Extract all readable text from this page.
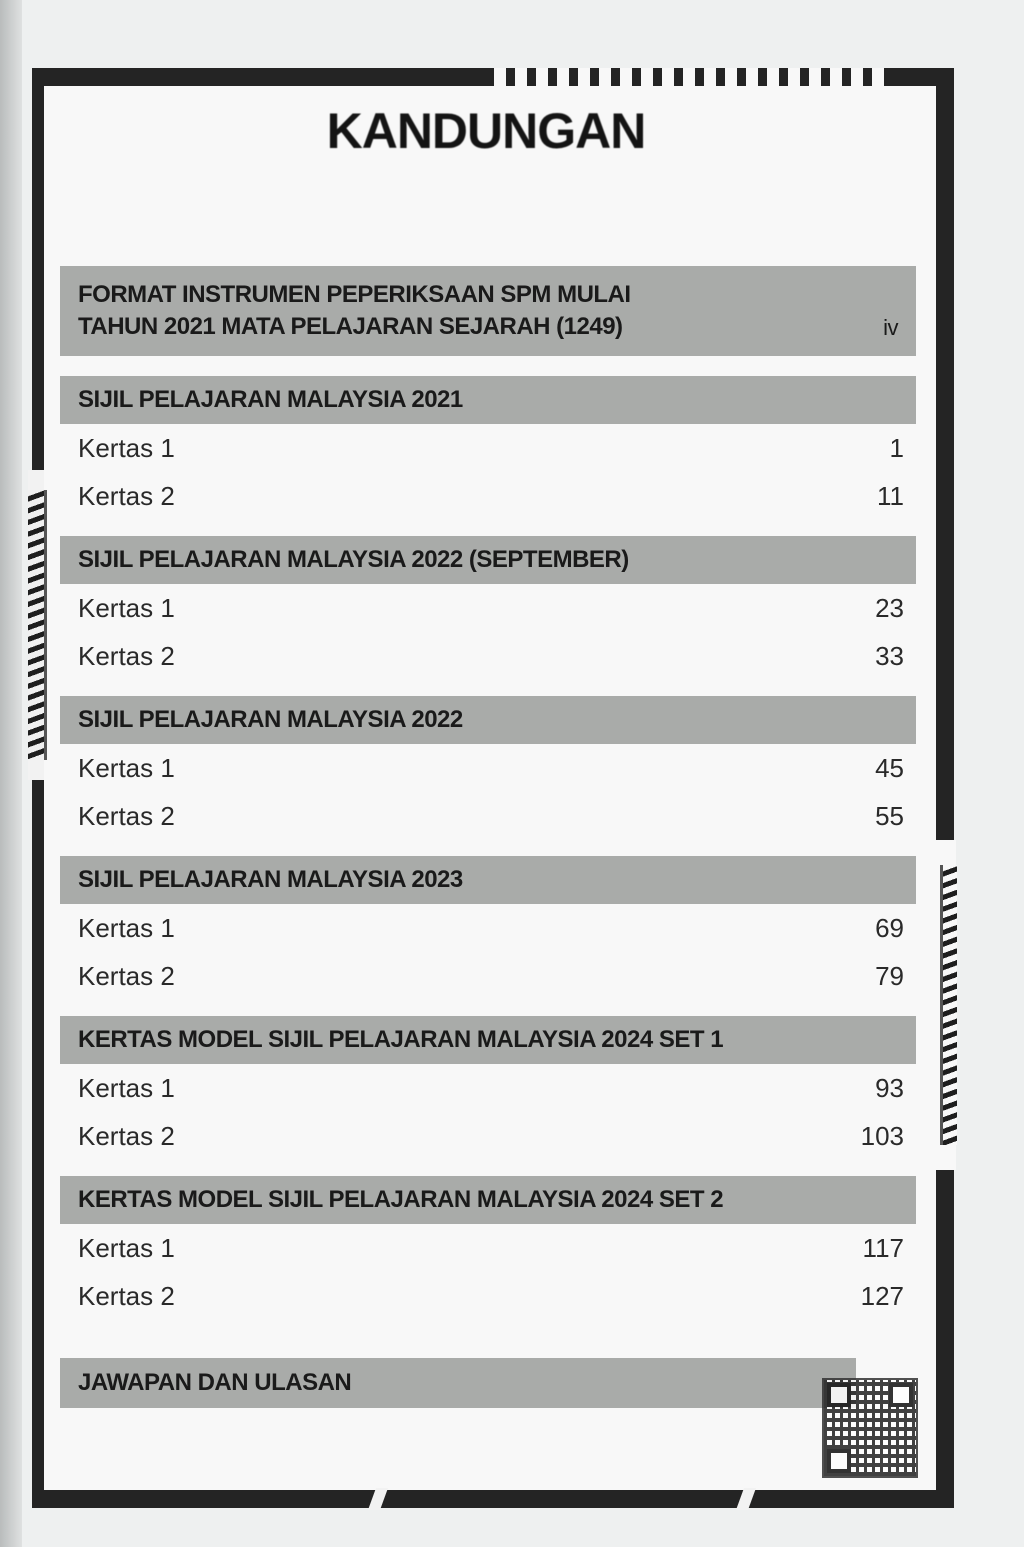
KANDUNGAN
FORMAT INSTRUMEN PEPERIKSAAN SPM MULAI
TAHUN 2021 MATA PELAJARAN SEJARAH (1249)	iv
SIJIL PELAJARAN MALAYSIA 2021
Kertas 1	1
Kertas 2	11
SIJIL PELAJARAN MALAYSIA 2022 (SEPTEMBER)
Kertas 1	23
Kertas 2	33
SIJIL PELAJARAN MALAYSIA 2022
Kertas 1	45
Kertas 2	55
SIJIL PELAJARAN MALAYSIA 2023
Kertas 1	69
Kertas 2	79
KERTAS MODEL SIJIL PELAJARAN MALAYSIA 2024 SET 1
Kertas 1	93
Kertas 2	103
KERTAS MODEL SIJIL PELAJARAN MALAYSIA 2024 SET 2
Kertas 1	117
Kertas 2	127
JAWAPAN DAN ULASAN
